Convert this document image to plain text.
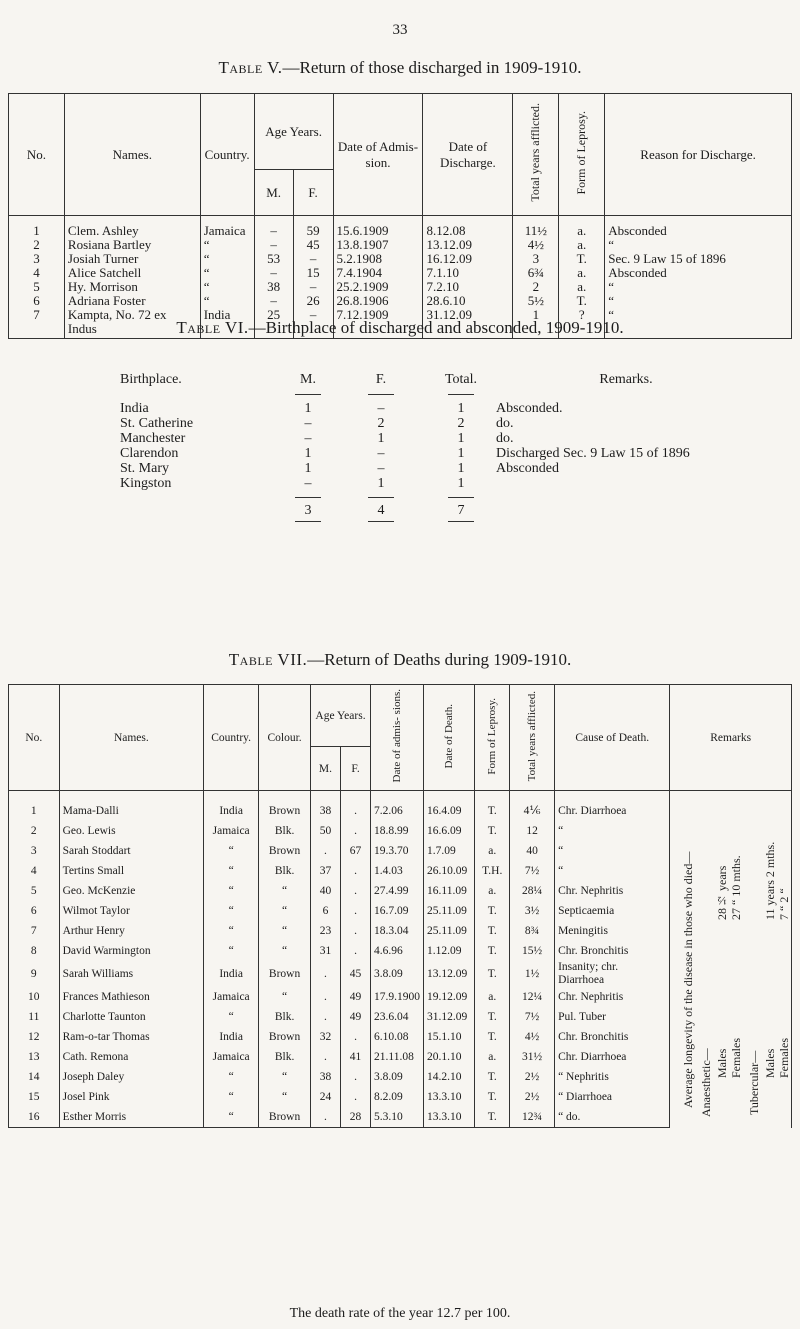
33
Table V.—Return of those discharged in 1909-1910.
No.	Names.	Country.	Age Years.		Date of Admis- sion.	Date of Discharge.	Total years afflicted.	Form of Leprosy.	Reason for Discharge.
			M.	F.					
1	Clem. Ashley	Jamaica	–	59	15.6.1909	8.12.08	11½	a.	Absconded
2	Rosiana Bartley	“	–	45	13.8.1907	13.12.09	4½	a.	“
3	Josiah Turner	“	53	–	5.2.1908	16.12.09	3	T.	Sec. 9 Law 15 of 1896
4	Alice Satchell	“	–	15	7.4.1904	7.1.10	6¾	a.	Absconded
5	Hy. Morrison	“	38	–	25.2.1909	7.2.10	2	a.	“
6	Adriana Foster	“	–	26	26.8.1906	28.6.10	5½	T.	“
7	Kampta, No. 72 ex Indus	India	25	–	7.12.1909	31.12.09	1	?	“
Table VI.—Birthplace of discharged and absconded, 1909-1910.
Birthplace.	M.	F.	Total.	Remarks.
India	1	–	1	Absconded.
St. Catherine	–	2	2	do.
Manchester	–	1	1	do.
Clarendon	1	–	1	Discharged Sec. 9 Law 15 of 1896
St. Mary	1	–	1	Absconded
Kingston	–	1	1
3	4	7
Table VII.—Return of Deaths during 1909-1910.
No.	Names.	Country.	Colour.	Age Years.		Date of admis- sions.	Date of Death.	Form of Leprosy.	Total years afflicted.	Cause of Death.	Remarks
				M.	F.						
1	Mama-Dalli	India	Brown	38	.	7.2.06	16.4.09	T.	4⅙	Chr. Diarrhoea	
2	Geo. Lewis	Jamaica	Blk.	50	.	18.8.99	16.6.09	T.	12	“	
3	Sarah Stoddart	“	Brown	.	67	19.3.70	1.7.09	a.	40	“	
4	Tertins Small	“	Blk.	37	.	1.4.03	26.10.09	T.H.	7½	“	
5	Geo. McKenzie	“	“	40	.	27.4.99	16.11.09	a.	28¼	Chr. Nephritis	
6	Wilmot Taylor	“	“	6	.	16.7.09	25.11.09	T.	3½	Septicaemia	
7	Arthur Henry	“	“	23	.	18.3.04	25.11.09	T.	8¾	Meningitis	
8	David Warmington	“	“	31	.	4.6.96	1.12.09	T.	15½	Chr. Bronchitis	
9	Sarah Williams	India	Brown	.	45	3.8.09	13.12.09	T.	1½	Insanity; chr. Diarrhoea	
10	Frances Mathieson	Jamaica	“	.	49	17.9.1900	19.12.09	a.	12¼	Chr. Nephritis	
11	Charlotte Taunton	“	Blk.	.	49	23.6.04	31.12.09	T.	7½	Pul. Tuber	
12	Ram-o-tar Thomas	India	Brown	32	.	6.10.08	15.1.10	T.	4½	Chr. Bronchitis	
13	Cath. Remona	Jamaica	Blk.	.	41	21.11.08	20.1.10	a.	31½	Chr. Diarrhoea	
14	Joseph Daley	“	“	38	.	3.8.09	14.2.10	T.	2½	“ Nephritis	
15	Josel Pink	“	“	24	.	8.2.09	13.3.10	T.	2½	“ Diarrhoea	
16	Esther Morris	“	Brown	.	28	5.3.10	13.3.10	T.	12¾	“ do.	
Average longevity of the disease in those who died— Anaesthetic— Males Females
28½ years 27 “ 10 mths.
Tubercular— Males Females
11 years 2 mths. 7 “ 2 “
The death rate of the year 12.7 per 100.
